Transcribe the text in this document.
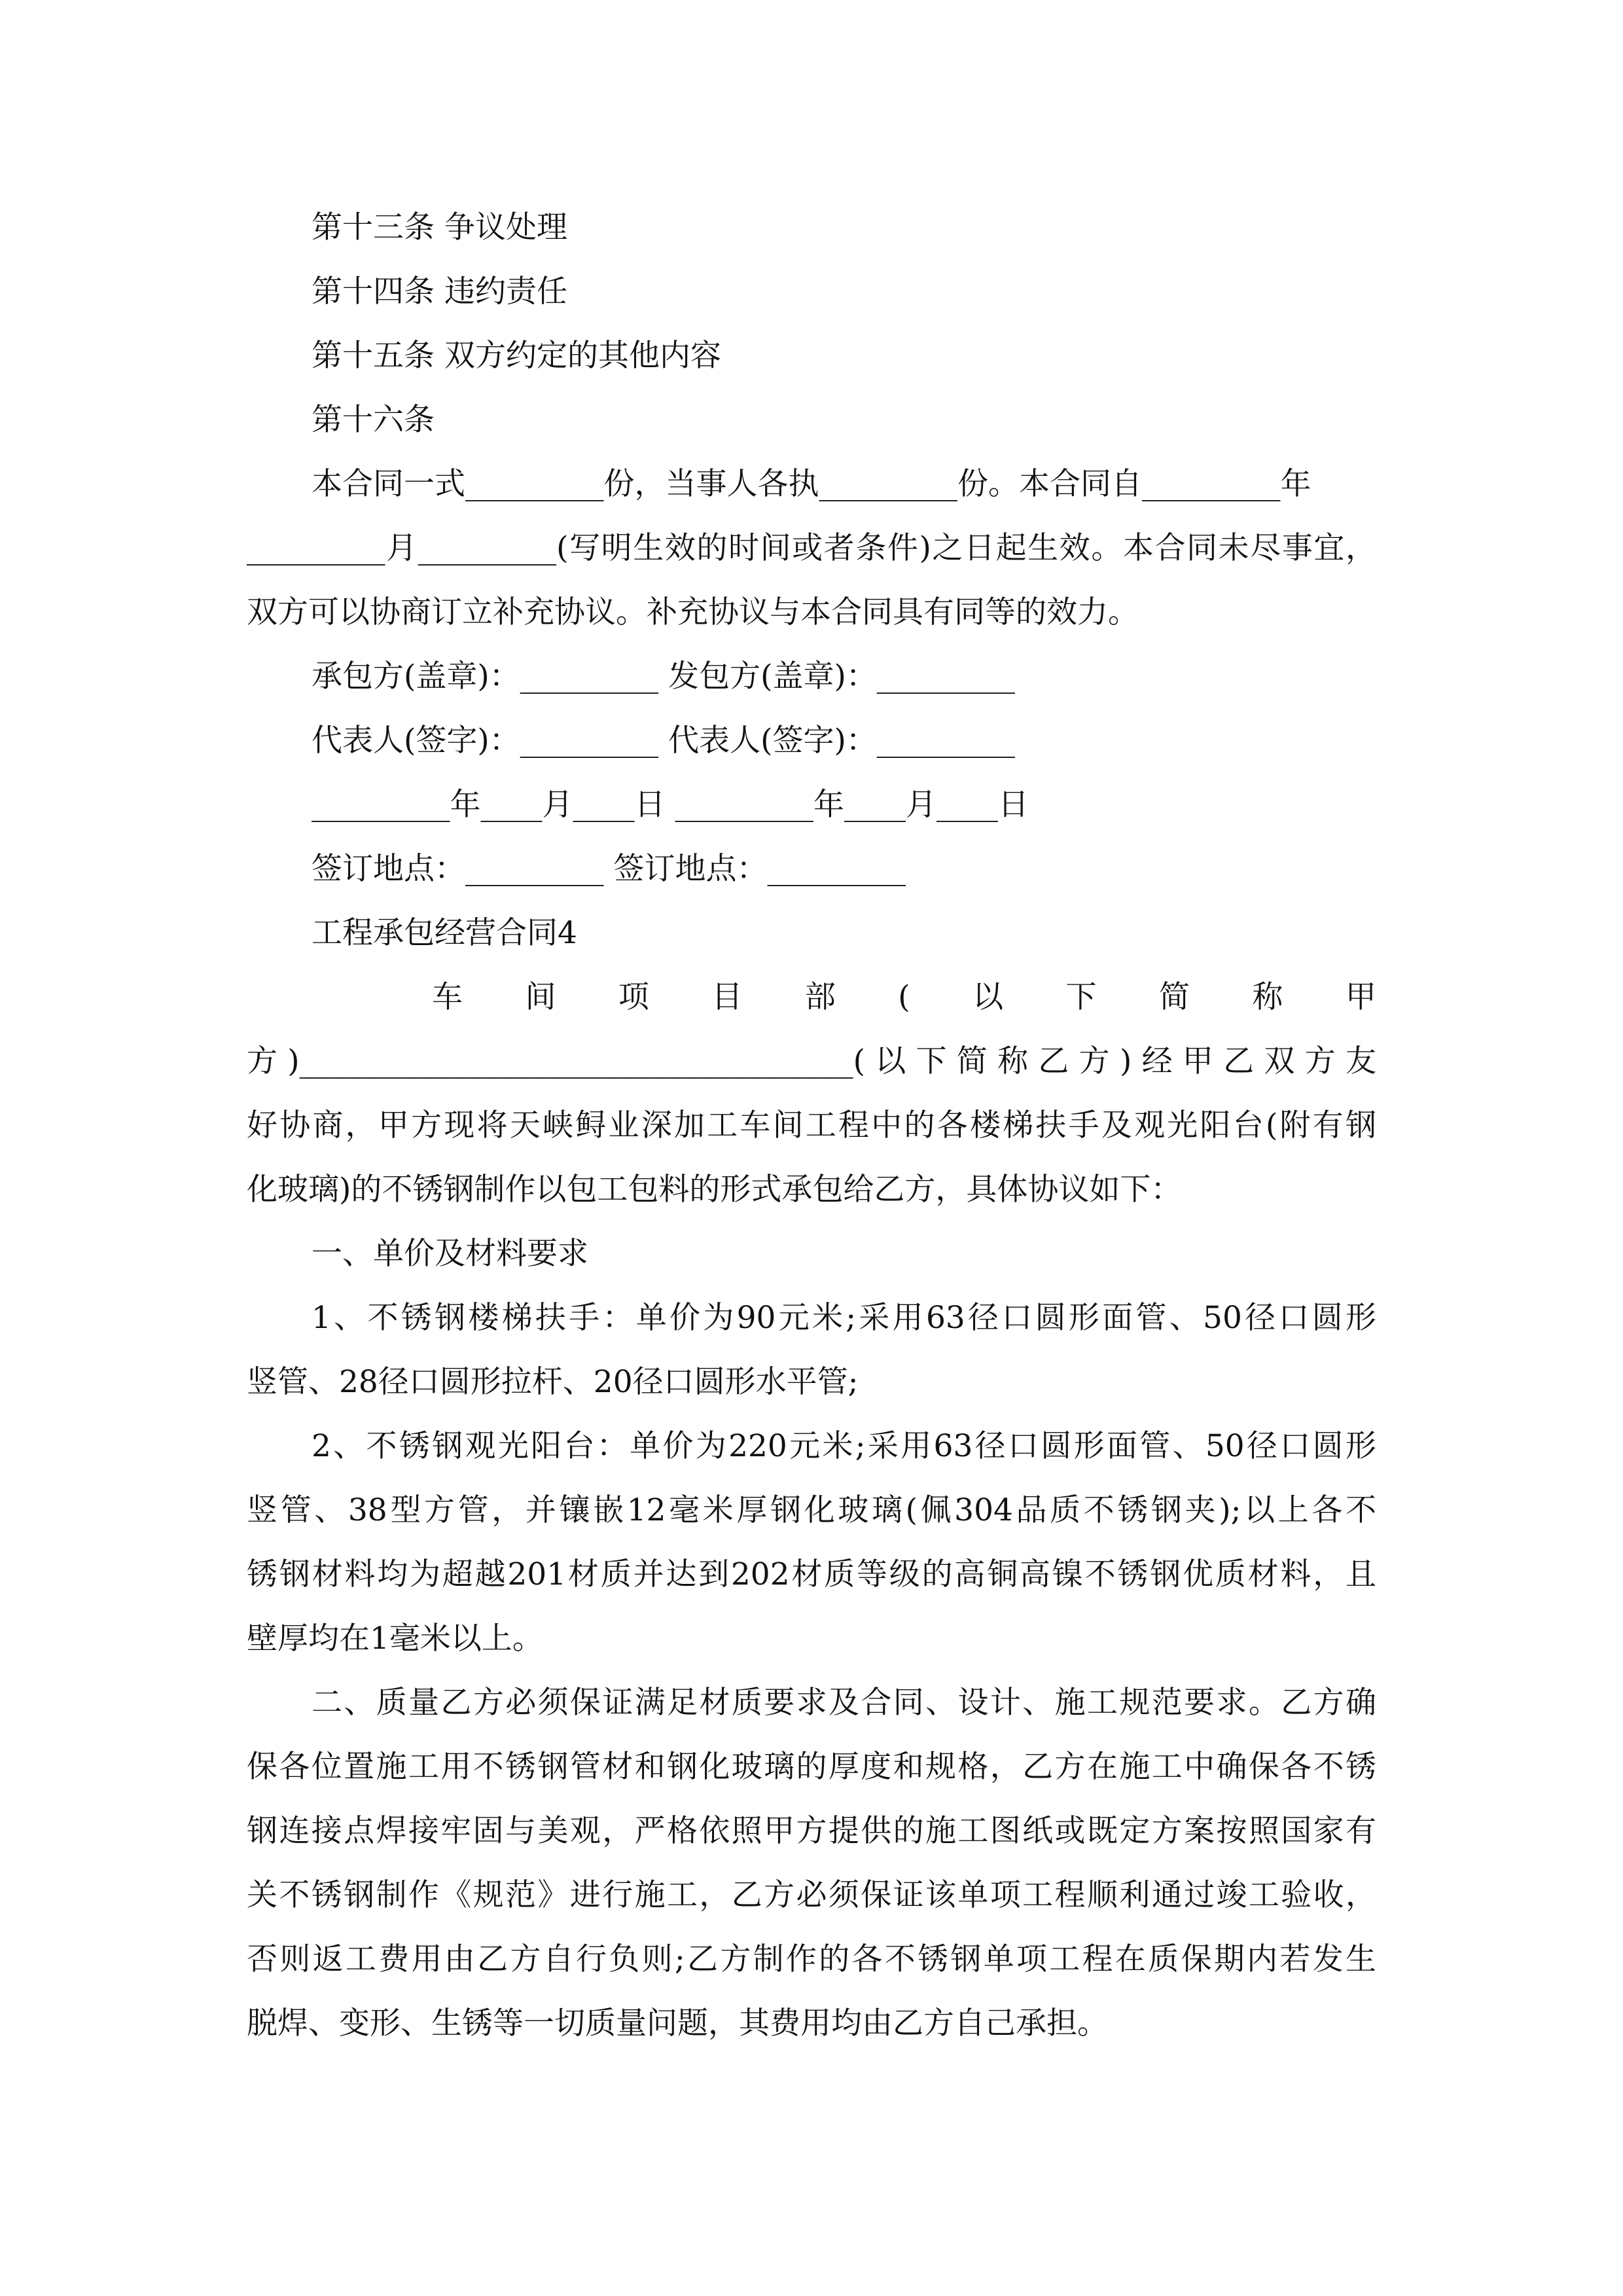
第十三条 争议处理
第十四条 违约责任
第十五条 双方约定的其他内容
第十六条
本合同一式_________份，当事人各执_________份。本合同自_________年
_________月_________(写明生效的时间或者条件)之日起生效。本合同未尽事宜，
双方可以协商订立补充协议。补充协议与本合同具有同等的效力。
承包方(盖章)：_________ 发包方(盖章)：_________
代表人(签字)：_________ 代表人(签字)：_________
_________年____月____日 _________年____月____日
签订地点：_________ 签订地点：_________
工程承包经营合同4
车 间 项 目 部 ( 以 下 简 称 甲
方)____________________________________(以下简称乙方)经甲乙双方友
好协商，甲方现将天峡鲟业深加工车间工程中的各楼梯扶手及观光阳台(附有钢
化玻璃)的不锈钢制作以包工包料的形式承包给乙方，具体协议如下：
一、单价及材料要求
1、不锈钢楼梯扶手：单价为90元米;采用63径口圆形面管、50径口圆形
竖管、28径口圆形拉杆、20径口圆形水平管;
2、不锈钢观光阳台：单价为220元米;采用63径口圆形面管、50径口圆形
竖管、38型方管，并镶嵌12毫米厚钢化玻璃(佩304品质不锈钢夹);以上各不
锈钢材料均为超越201材质并达到202材质等级的高铜高镍不锈钢优质材料，且
壁厚均在1毫米以上。
二、质量乙方必须保证满足材质要求及合同、设计、施工规范要求。乙方确
保各位置施工用不锈钢管材和钢化玻璃的厚度和规格，乙方在施工中确保各不锈
钢连接点焊接牢固与美观，严格依照甲方提供的施工图纸或既定方案按照国家有
关不锈钢制作《规范》进行施工，乙方必须保证该单项工程顺利通过竣工验收，
否则返工费用由乙方自行负则;乙方制作的各不锈钢单项工程在质保期内若发生
脱焊、变形、生锈等一切质量问题，其费用均由乙方自己承担。
